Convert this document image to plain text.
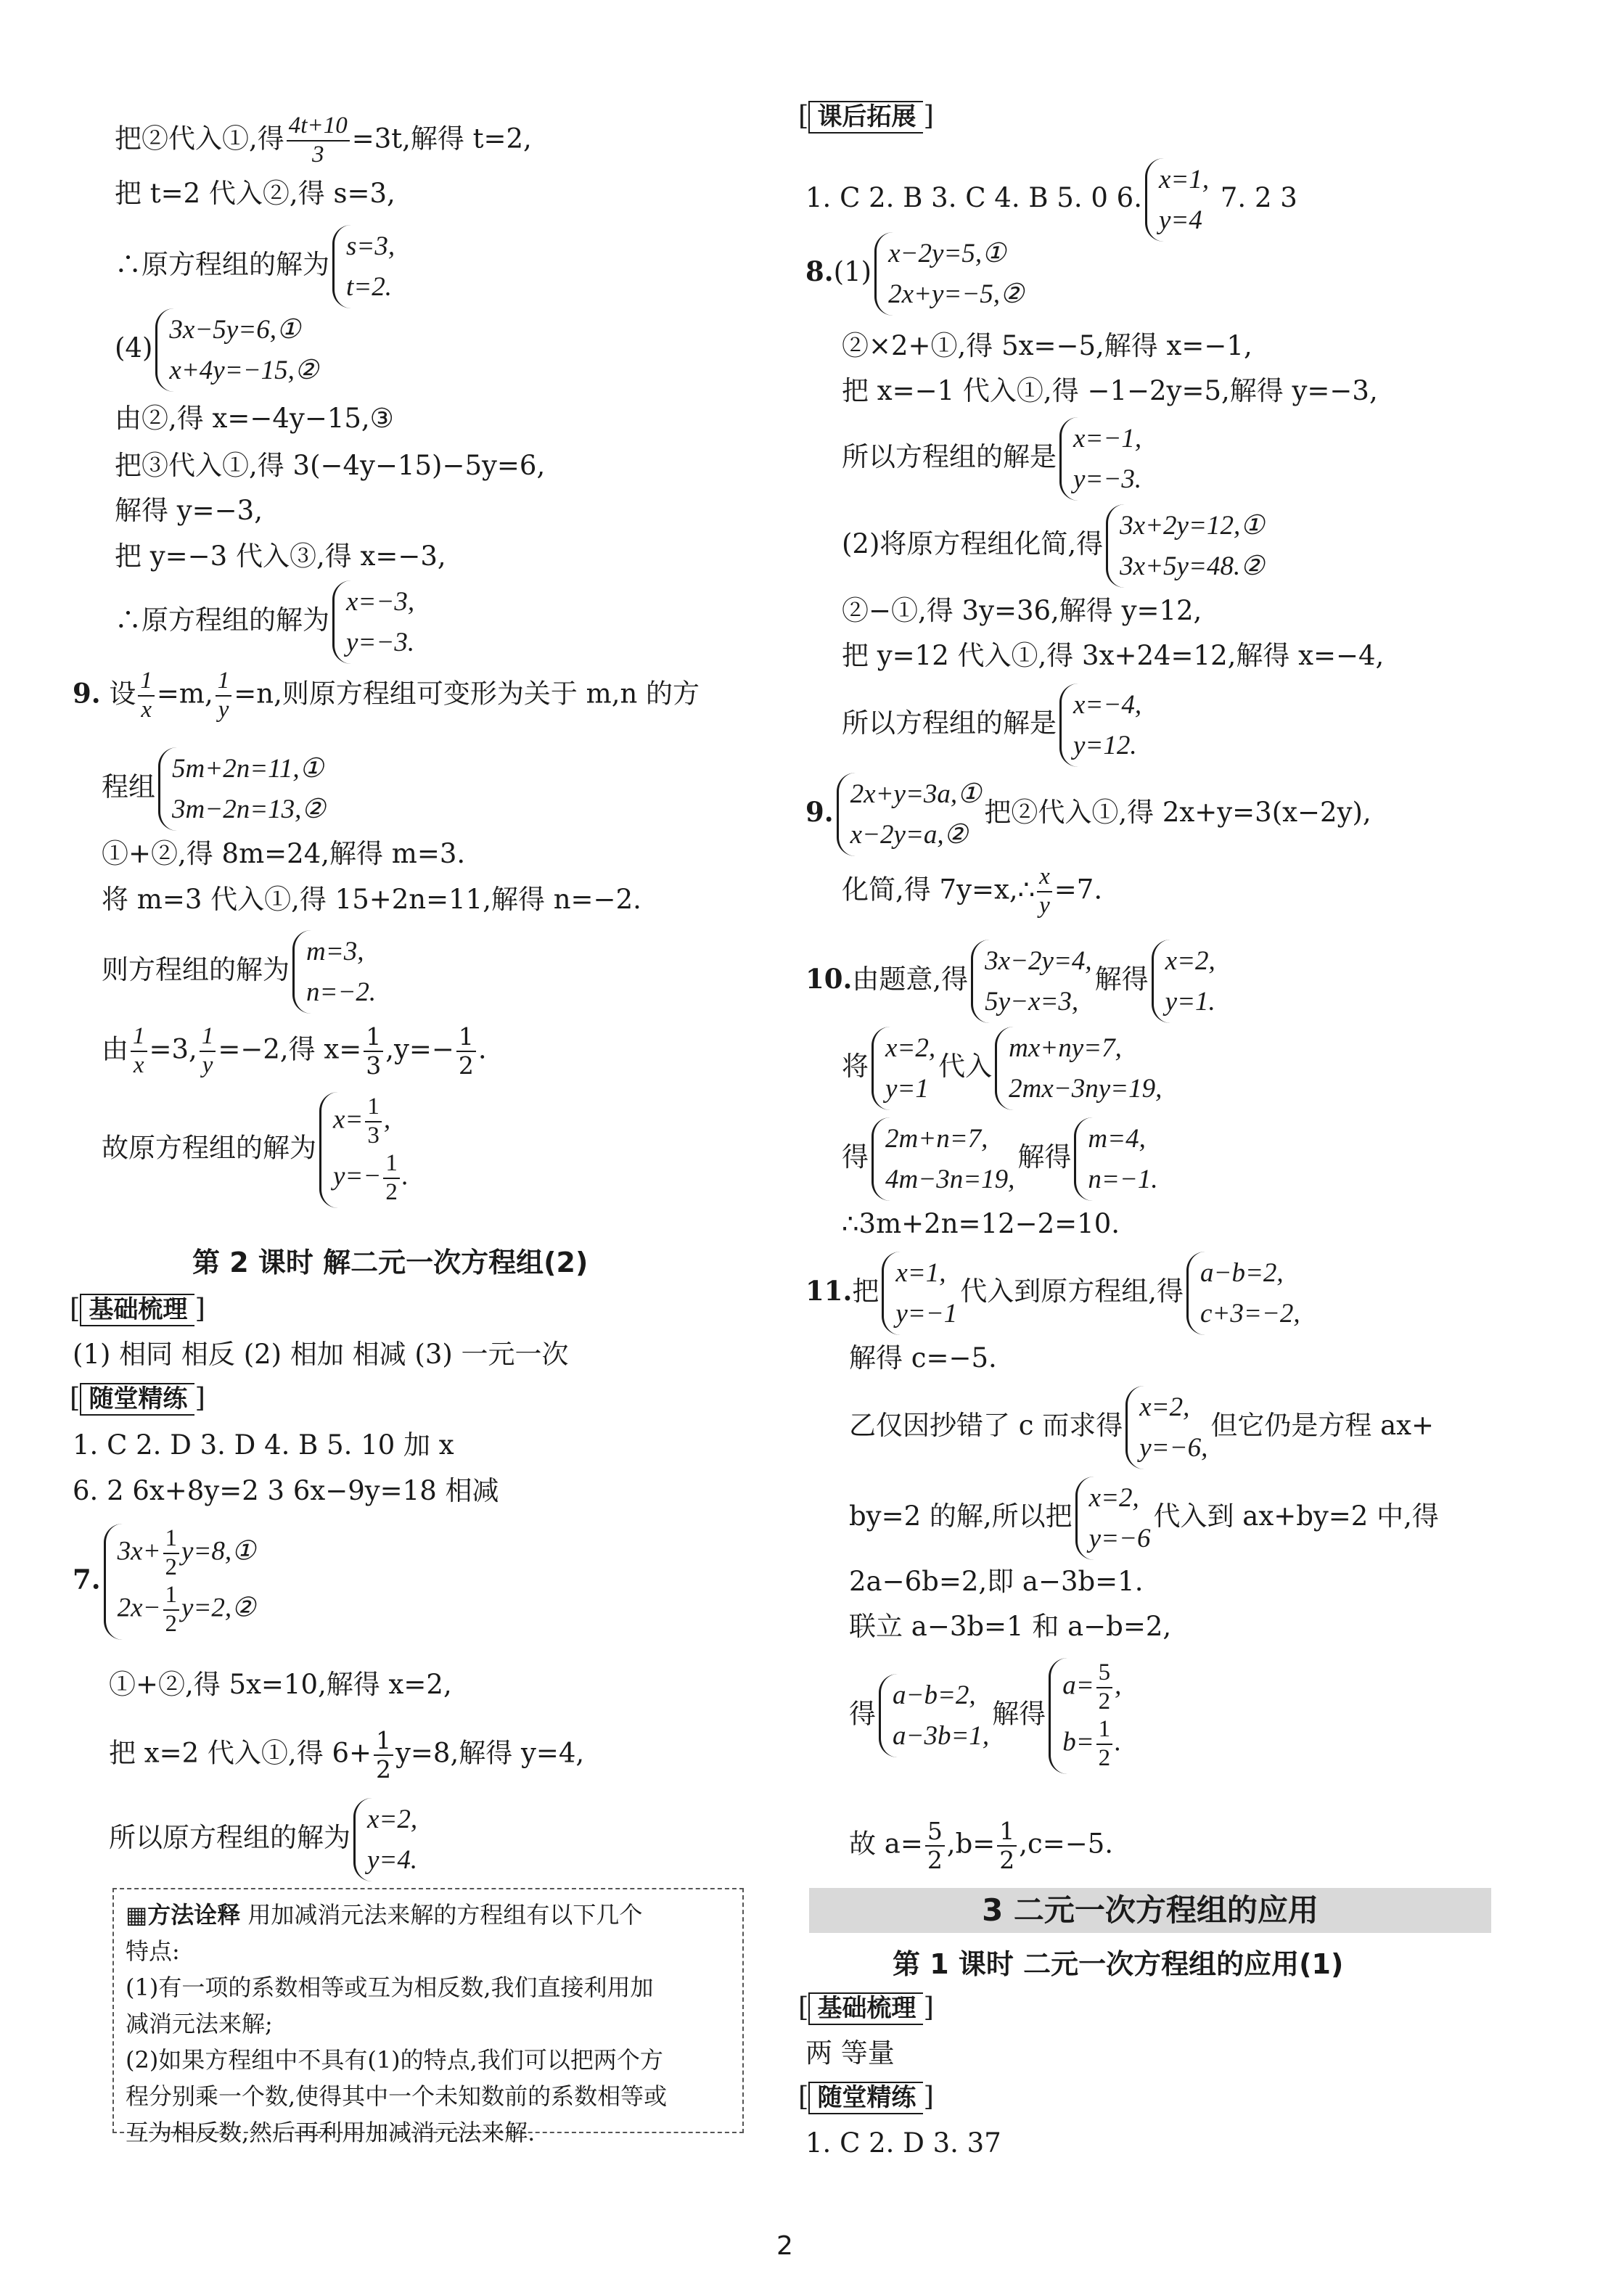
把②代入①,得 $\frac{4t+10}{3} =3t$,解得 t=2,
把 t=2 代入②,得 s=3,
∴原方程组的解为
s=3,
t=2.
(4)
3x−5y=6,①
x+4y=−15,②
由②,得 x=−4y−15,③
把③代入①,得 3(−4y−15)−5y=6,
解得 y=−3,
把 y=−3 代入③,得 x=−3,
∴原方程组的解为
x=−3,
y=−3.
9. 设 $\frac{1}{x} =m$, $\frac{1}{y} =n$,则原方程组可变形为关于 m,n 的方
程组
5m+2n=11,①
3m−2n=13,②
①+②,得 8m=24,解得 m=3.
将 m=3 代入①,得 15+2n=11,解得 n=−2.
则方程组的解为
m=3,
n=−2.
由 $\frac{1}{x} =3$, $\frac{1}{y} =-2$,得 $x= \frac{1}{3} ,y=- \frac{1}{2}$ .
故原方程组的解为
$x= \frac{1}{3}$ ,
$y=- \frac{1}{2}$ .
第 2 课时 解二元一次方程组(2)
[ 基础梳理 ]
(1) 相同 相反 (2) 相加 相减 (3) 一元一次
[ 随堂精练 ]
1. C 2. D 3. D 4. B 5. 10 加 x
6. 2 6x+8y=2 3 6x−9y=18 相减
7.
$3x+ \frac{1}{2}$ y=8,①
$2x- \frac{1}{2}$ y=2,②
①+②,得 5x=10,解得 x=2,
把 x=2 代入①,得 $6+ \frac{1}{2} y=8$,解得 y=4,
所以原方程组的解为
x=2,
y=4.
▦方法诠释 用加减消元法来解的方程组有以下几个
特点:
(1)有一项的系数相等或互为相反数,我们直接利用加
减消元法来解;
(2)如果方程组中不具有(1)的特点,我们可以把两个方
程分别乘一个数,使得其中一个未知数前的系数相等或
互为相反数,然后再利用加减消元法来解.
[ 课后拓展 ]
1. C 2. B 3. C 4. B 5. 0 6.
x=1,
y=4
7. 2 3
8.(1)
x−2y=5,①
2x+y=−5,②
②×2+①,得 5x=−5,解得 x=−1,
把 x=−1 代入①,得 −1−2y=5,解得 y=−3,
所以方程组的解是
x=−1,
y=−3.
(2)将原方程组化简,得
3x+2y=12,①
3x+5y=48.②
②−①,得 3y=36,解得 y=12,
把 y=12 代入①,得 3x+24=12,解得 x=−4,
所以方程组的解是
x=−4,
y=12.
9.
2x+y=3a,①
x−2y=a,②
把②代入①,得 2x+y=3(x−2y),
化简,得 7y=x,∴ $\frac{x}{y} =7$.
10.由题意,得
3x−2y=4,
5y−x=3,
解得
x=2,
y=1.
将
x=2,
y=1
代入
mx+ny=7,
2mx−3ny=19,
得
2m+n=7,
4m−3n=19,
解得
m=4,
n=−1.
∴3m+2n=12−2=10.
11.把
x=1,
y=−1
代入到原方程组,得
a−b=2,
c+3=−2,
解得 c=−5.
乙仅因抄错了 c 而求得
x=2,
y=−6,
但它仍是方程 ax+
by=2 的解,所以把
x=2,
y=−6
代入到 ax+by=2 中,得
2a−6b=2,即 a−3b=1.
联立 a−3b=1 和 a−b=2,
得
a−b=2,
a−3b=1,
解得
$a= \frac{5}{2}$ ,
$b= \frac{1}{2}$ .
故 $a= \frac{5}{2} ,b= \frac{1}{2} ,c=-5$.
第 1 课时 二元一次方程组的应用(1)
[ 基础梳理 ]
两 等量
[ 随堂精练 ]
1. C 2. D 3. 37
3 二元一次方程组的应用
2
